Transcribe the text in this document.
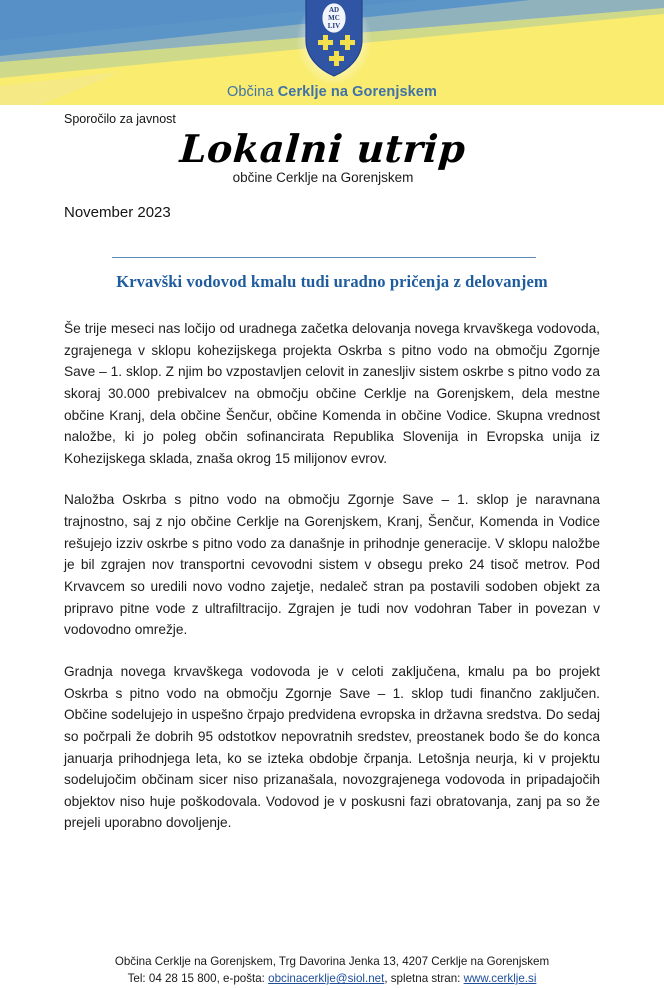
AD
MC
LIV
Občina Cerklje na Gorenjskem
Sporočilo za javnost
Lokalni utrip
občine Cerklje na Gorenjskem
November 2023
Krvavški vodovod kmalu tudi uradno pričenja z delovanjem

Še trije meseci nas ločijo od uradnega začetka delovanja novega krvavškega vodovoda, zgrajenega v sklopu kohezijskega projekta Oskrba s pitno vodo na območju Zgornje Save – 1. sklop. Z njim bo vzpostavljen celovit in zanesljiv sistem oskrbe s pitno vodo za skoraj 30.000 prebivalcev na območju občine Cerklje na Gorenjskem, dela mestne občine Kranj, dela občine Šenčur, občine Komenda in občine Vodice. Skupna vrednost naložbe, ki jo poleg občin sofinancirata Republika Slovenija in Evropska unija iz Kohezijskega sklada, znaša okrog 15 milijonov evrov.

Naložba Oskrba s pitno vodo na območju Zgornje Save – 1. sklop je naravnana trajnostno, saj z njo občine Cerklje na Gorenjskem, Kranj, Šenčur, Komenda in Vodice rešujejo izziv oskrbe s pitno vodo za današnje in prihodnje generacije. V sklopu naložbe je bil zgrajen nov transportni cevovodni sistem v obsegu preko 24 tisoč metrov. Pod Krvavcem so uredili novo vodno zajetje, nedaleč stran pa postavili sodoben objekt za pripravo pitne vode z ultrafiltracijo. Zgrajen je tudi nov vodohran Taber in povezan v vodovodno omrežje.

Gradnja novega krvavškega vodovoda je v celoti zaključena, kmalu pa bo projekt Oskrba s pitno vodo na območju Zgornje Save – 1. sklop tudi finančno zaključen. Občine sodelujejo in uspešno črpajo predvidena evropska in državna sredstva. Do sedaj so počrpali že dobrih 95 odstotkov nepovratnih sredstev, preostanek bodo še do konca januarja prihodnjega leta, ko se izteka obdobje črpanja. Letošnja neurja, ki v projektu sodelujočim občinam sicer niso prizanašala, novozgrajenega vodovoda in pripadajočih objektov niso huje poškodovala. Vodovod je v poskusni fazi obratovanja, zanj pa so že prejeli uporabno dovoljenje.

Občina Cerklje na Gorenjskem, Trg Davorina Jenka 13, 4207 Cerklje na Gorenjskem
Tel: 04 28 15 800, e-pošta: obcinacerklje@siol.net, spletna stran: www.cerklje.si
